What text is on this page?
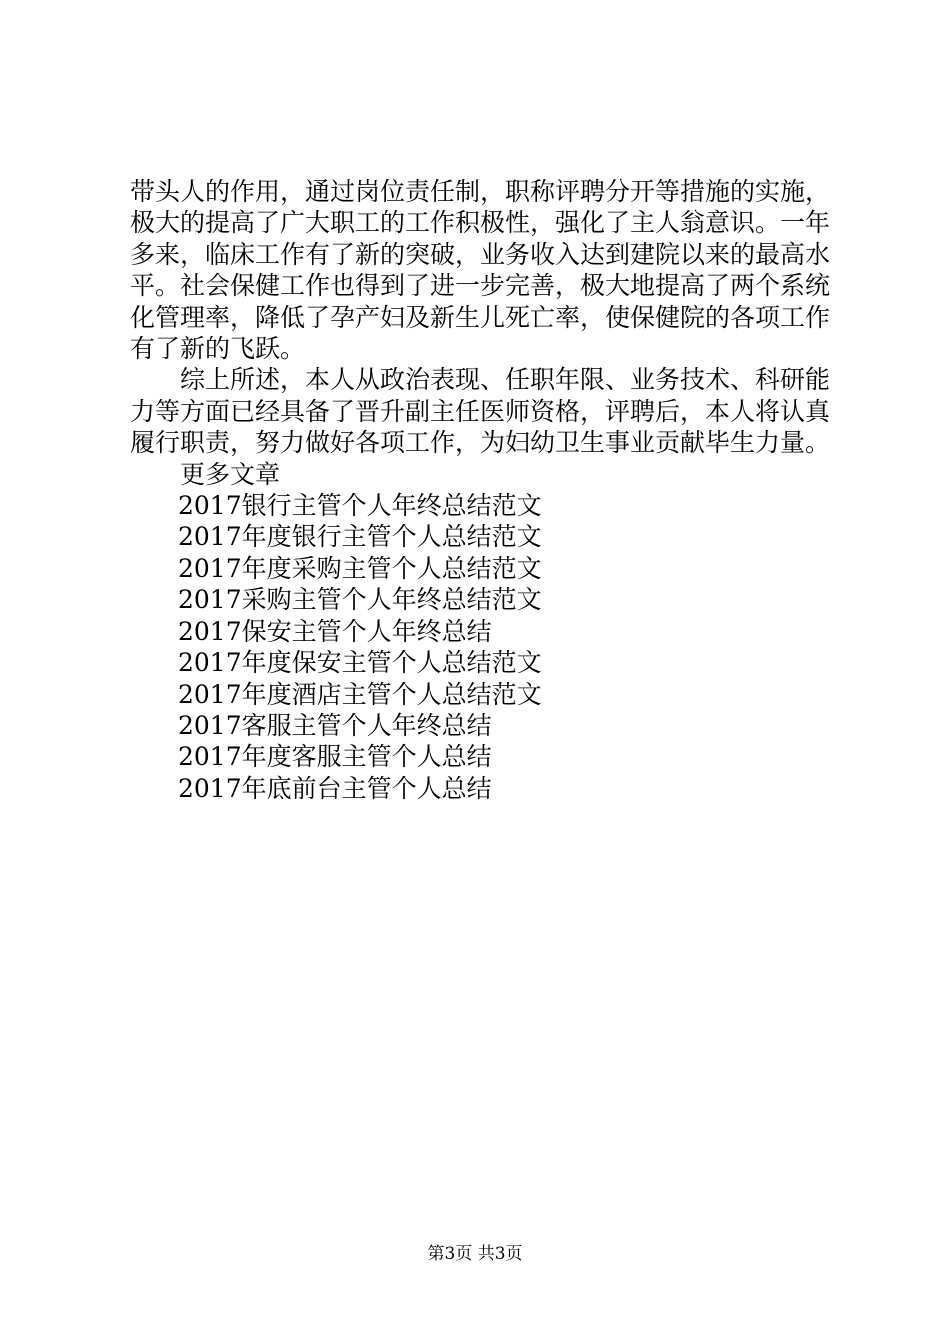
带头人的作用，通过岗位责任制，职称评聘分开等措施的实施，极大的提高了广大职工的工作积极性，强化了主人翁意识。一年多来，临床工作有了新的突破，业务收入达到建院以来的最高水平。社会保健工作也得到了进一步完善，极大地提高了两个系统化管理率，降低了孕产妇及新生儿死亡率，使保健院的各项工作有了新的飞跃。

综上所述，本人从政治表现、任职年限、业务技术、科研能力等方面已经具备了晋升副主任医师资格，评聘后，本人将认真履行职责，努力做好各项工作，为妇幼卫生事业贡献毕生力量。

更多文章

2017银行主管个人年终总结范文
2017年度银行主管个人总结范文
2017年度采购主管个人总结范文
2017采购主管个人年终总结范文
2017保安主管个人年终总结
2017年度保安主管个人总结范文
2017年度酒店主管个人总结范文
2017客服主管个人年终总结
2017年度客服主管个人总结
2017年底前台主管个人总结
第3页 共3页
